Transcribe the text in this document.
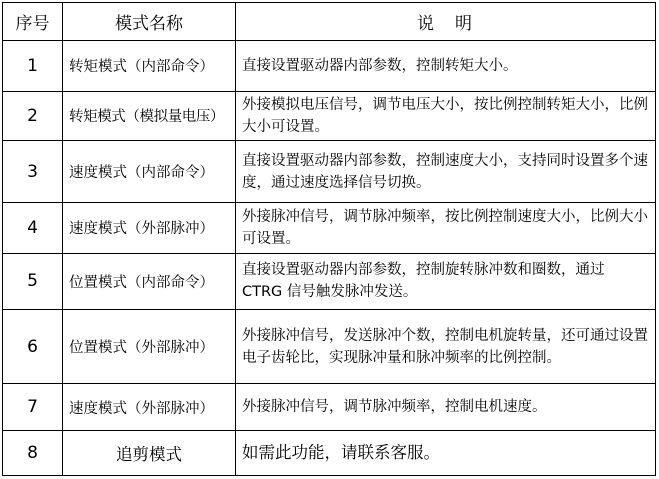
序号	模式名称	说　明
1	转矩模式（内部命令）	直接设置驱动器内部参数，控制转矩大小。
2	转矩模式（模拟量电压）	外接模拟电压信号，调节电压大小，按比例控制转矩大小，比例大小可设置。
3	速度模式（内部命令）	直接设置驱动器内部参数，控制速度大小，支持同时设置多个速度，通过速度选择信号切换。
4	速度模式（外部脉冲）	外接脉冲信号，调节脉冲频率，按比例控制速度大小，比例大小可设置。
5	位置模式（内部命令）	直接设置驱动器内部参数，控制旋转脉冲数和圈数，通过 CTRG 信号触发脉冲发送。
6	位置模式（外部脉冲）	外接脉冲信号，发送脉冲个数，控制电机旋转量，还可通过设置电子齿轮比，实现脉冲量和脉冲频率的比例控制。
7	速度模式（外部脉冲）	外接脉冲信号，调节脉冲频率，控制电机速度。
8	追剪模式	如需此功能，请联系客服。
